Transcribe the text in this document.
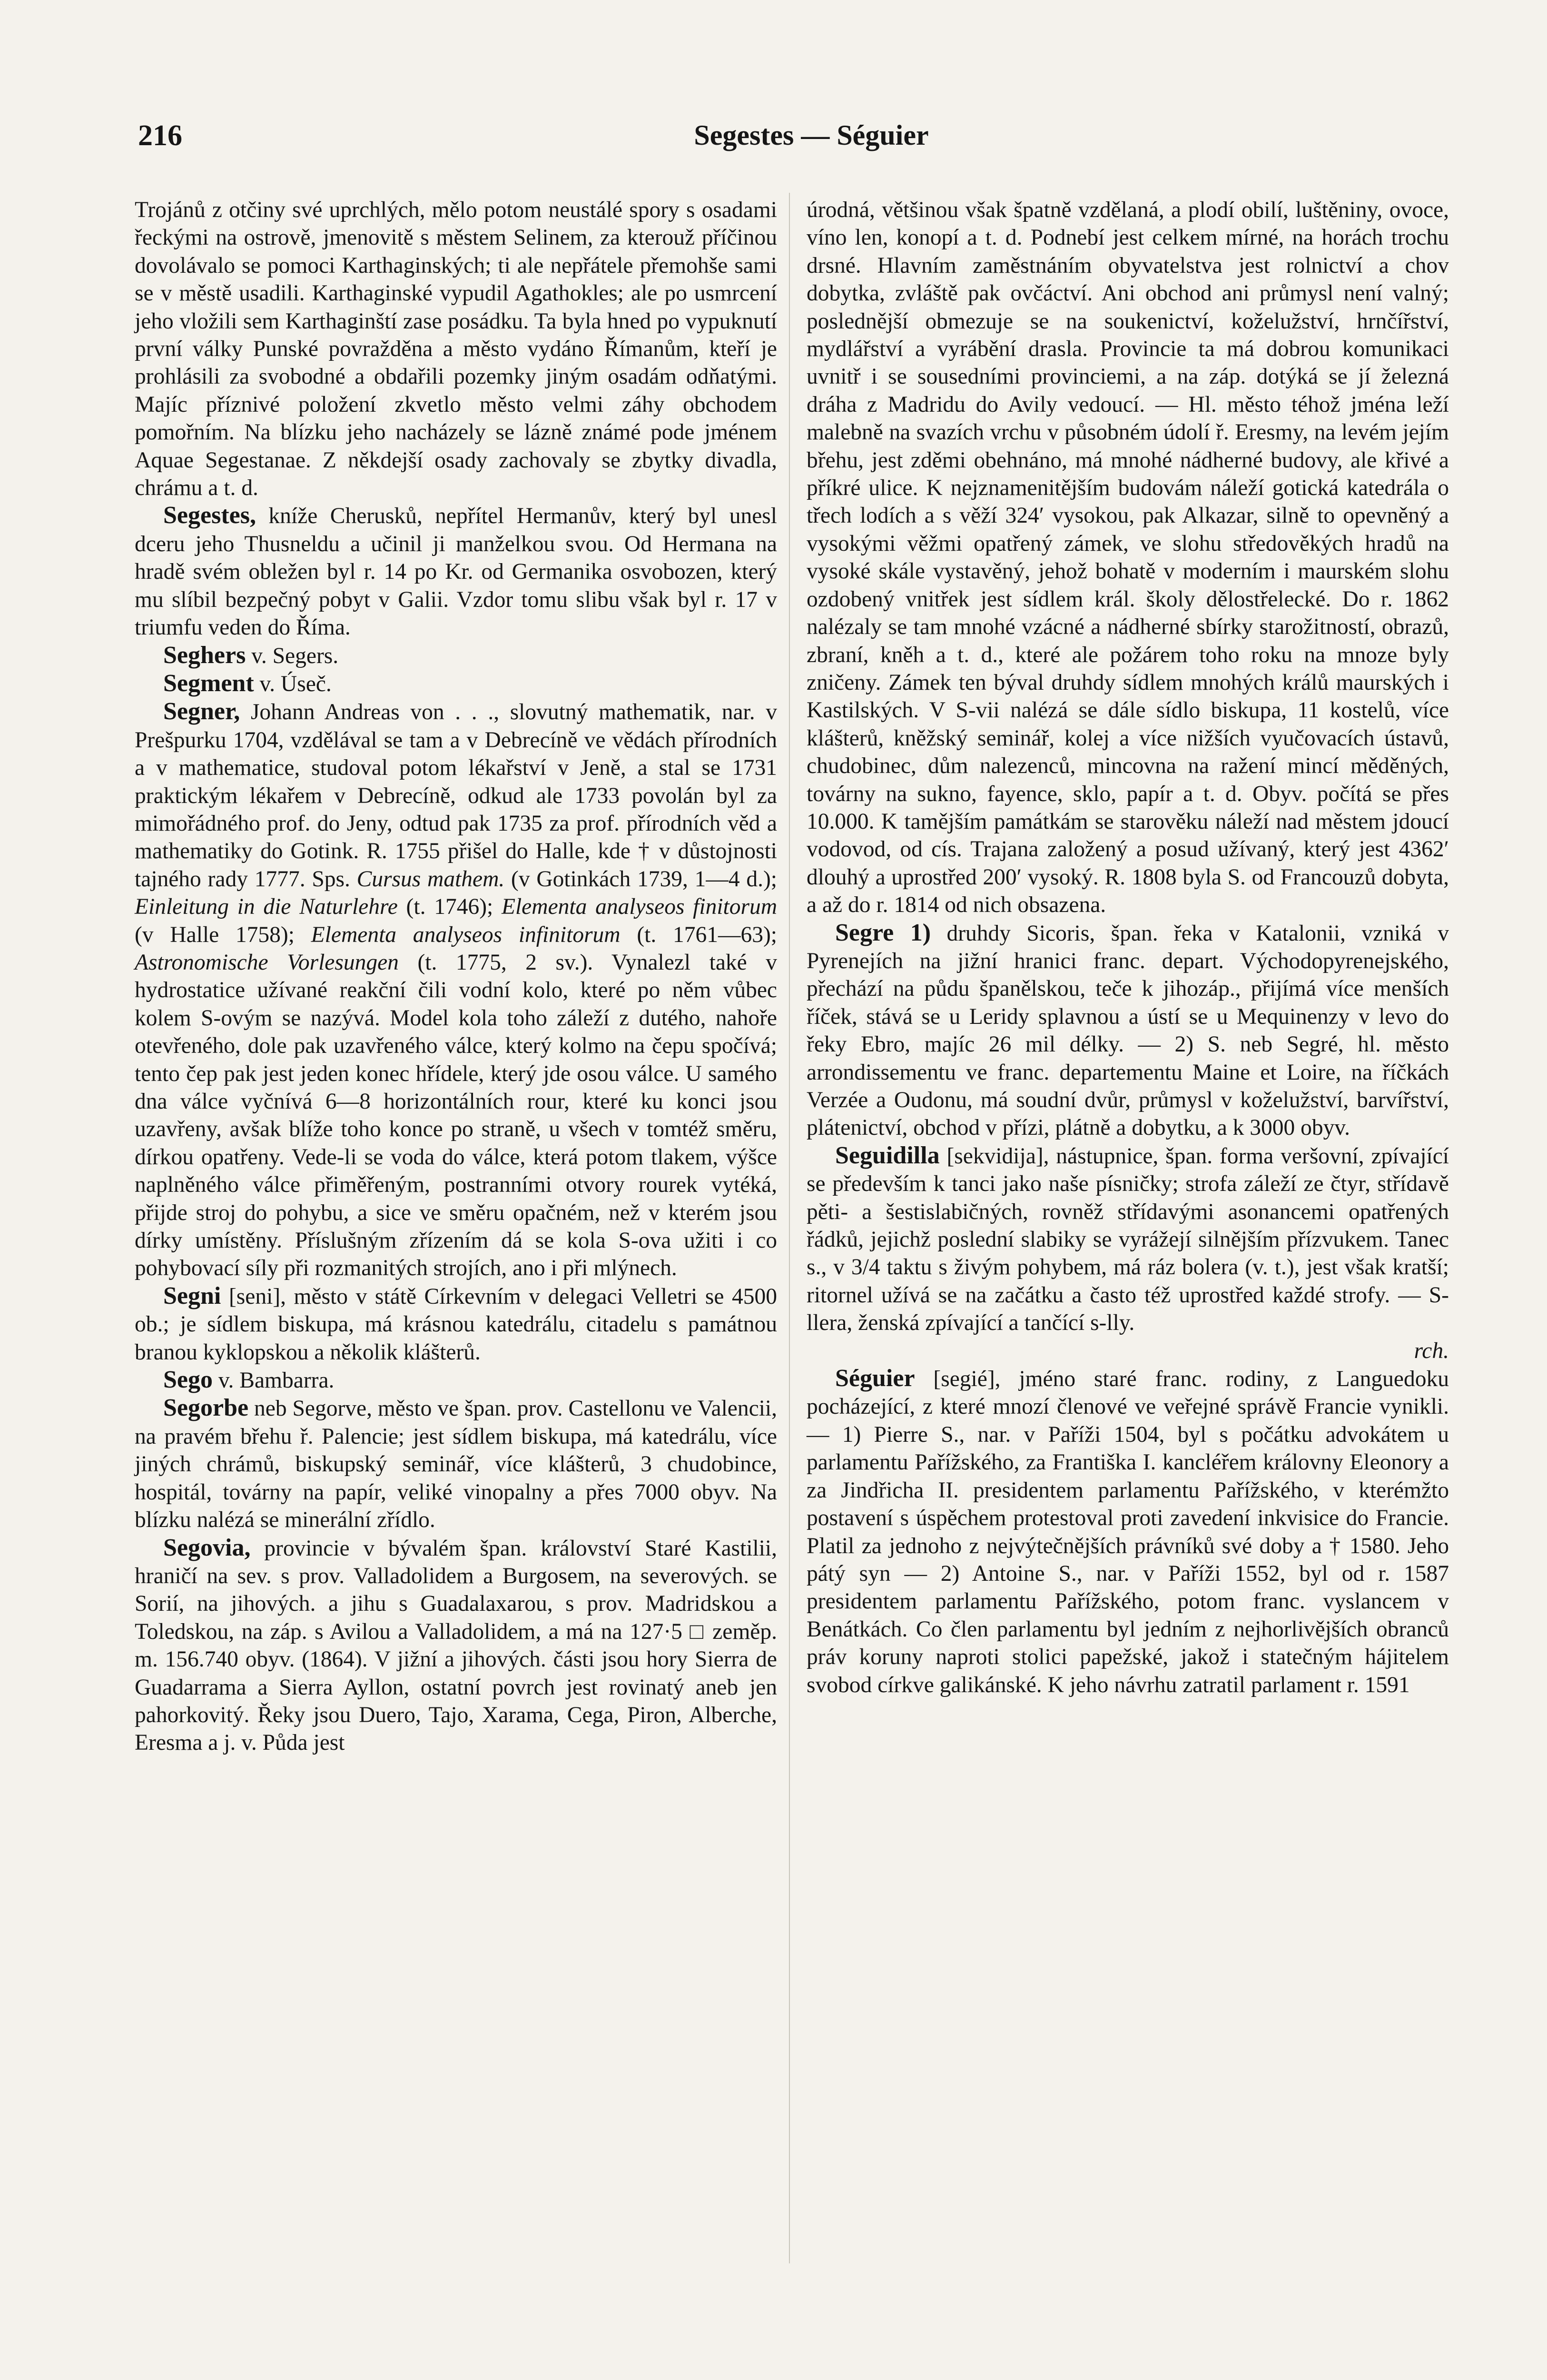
216	Segestes — Séguier

Trojánů z otčiny své uprchlých, mělo potom neustálé spory s osadami řeckými na ostrově, jmenovitě s městem Selinem, za kterouž příčinou dovolávalo se pomoci Karthaginských; ti ale nepřátele přemohše sami se v městě usadili. Karthaginské vypudil Agathokles; ale po usmrcení jeho vložili sem Karthaginští zase posádku. Ta byla hned po vypuknutí první války Punské povražděna a město vydáno Římanům, kteří je prohlásili za svobodné a obdařili pozemky jiným osadám odňatými. Majíc příznivé položení zkvetlo město velmi záhy obchodem pomořním. Na blízku jeho nacházely se lázně známé pode jménem Aquae Segestanae. Z někdejší osady zachovaly se zbytky divadla, chrámu a t. d.

Segestes, kníže Cherusků, nepřítel Hermanův, který byl unesl dceru jeho Thusneldu a učinil ji manželkou svou. Od Hermana na hradě svém obležen byl r. 14 po Kr. od Germanika osvobozen, který mu slíbil bezpečný pobyt v Galii. Vzdor tomu slibu však byl r. 17 v triumfu veden do Říma.

Seghers v. Segers.

Segment v. Úseč.

Segner, Johann Andreas von . . ., slovutný mathematik, nar. v Prešpurku 1704, vzdělával se tam a v Debrecíně ve vědách přírodních a v mathematice, studoval potom lékařství v Jeně, a stal se 1731 praktickým lékařem v Debrecíně, odkud ale 1733 povolán byl za mimořádného prof. do Jeny, odtud pak 1735 za prof. přírodních věd a mathematiky do Gotink. R. 1755 přišel do Halle, kde † v důstojnosti tajného rady 1777. Sps. Cursus mathem. (v Gotinkách 1739, 1—4 d.); Einleitung in die Naturlehre (t. 1746); Elementa analyseos finitorum (v Halle 1758); Elementa analyseos infinitorum (t. 1761—63); Astronomische Vorlesungen (t. 1775, 2 sv.). Vynalezl také v hydrostatice užívané reakční čili vodní kolo, které po něm vůbec kolem S-ovým se nazývá. Model kola toho záleží z dutého, nahoře otevřeného, dole pak uzavřeného válce, který kolmo na čepu spočívá; tento čep pak jest jeden konec hřídele, který jde osou válce. U samého dna válce vyčnívá 6—8 horizontálních rour, které ku konci jsou uzavřeny, avšak blíže toho konce po straně, u všech v tomtéž směru, dírkou opatřeny. Vede-li se voda do válce, která potom tlakem, výšce naplněného válce přiměřeným, postranními otvory rourek vytéká, přijde stroj do pohybu, a sice ve směru opačném, než v kterém jsou dírky umístěny. Příslušným zřízením dá se kola S-ova užiti i co pohybovací síly při rozmanitých strojích, ano i při mlýnech.

Segni [seni], město v státě Církevním v delegaci Velletri se 4500 ob.; je sídlem biskupa, má krásnou katedrálu, citadelu s památnou branou kyklopskou a několik klášterů.

Sego v. Bambarra.

Segorbe neb Segorve, město ve špan. prov. Castellonu ve Valencii, na pravém břehu ř. Palencie; jest sídlem biskupa, má katedrálu, více jiných chrámů, biskupský seminář, více klášterů, 3 chudobince, hospitál, továrny na papír, veliké vinopalny a přes 7000 obyv. Na blízku nalézá se minerální zřídlo.

Segovia, provincie v bývalém špan. království Staré Kastilii, hraničí na sev. s prov. Valladolidem a Burgosem, na severových. se Sorií, na jihových. a jihu s Guadalaxarou, s prov. Madridskou a Toledskou, na záp. s Avilou a Valladolidem, a má na 127·5 □ zeměp. m. 156.740 obyv. (1864). V jižní a jihových. části jsou hory Sierra de Guadarrama a Sierra Ayllon, ostatní povrch jest rovinatý aneb jen pahorkovitý. Řeky jsou Duero, Tajo, Xarama, Cega, Piron, Alberche, Eresma a j. v. Půda jest

úrodná, většinou však špatně vzdělaná, a plodí obilí, luštěniny, ovoce, víno len, konopí a t. d. Podnebí jest celkem mírné, na horách trochu drsné. Hlavním zaměstnáním obyvatelstva jest rolnictví a chov dobytka, zvláště pak ovčáctví. Ani obchod ani průmysl není valný; poslednější obmezuje se na soukenictví, koželužství, hrnčířství, mydlářství a vyrábění drasla. Provincie ta má dobrou komunikaci uvnitř i se sousedními provinciemi, a na záp. dotýká se jí železná dráha z Madridu do Avily vedoucí. — Hl. město téhož jména leží malebně na svazích vrchu v působném údolí ř. Eresmy, na levém jejím břehu, jest zděmi obehnáno, má mnohé nádherné budovy, ale křivé a příkré ulice. K nejznamenitějším budovám náleží gotická katedrála o třech lodích a s věží 324′ vysokou, pak Alkazar, silně to opevněný a vysokými věžmi opatřený zámek, ve slohu středověkých hradů na vysoké skále vystavěný, jehož bohatě v moderním i maurském slohu ozdobený vnitřek jest sídlem král. školy dělostřelecké. Do r. 1862 nalézaly se tam mnohé vzácné a nádherné sbírky starožitností, obrazů, zbraní, kněh a t. d., které ale požárem toho roku na mnoze byly zničeny. Zámek ten býval druhdy sídlem mnohých králů maurských i Kastilských. V S-vii nalézá se dále sídlo biskupa, 11 kostelů, více klášterů, kněžský seminář, kolej a více nižších vyučovacích ústavů, chudobinec, dům nalezenců, mincovna na ražení mincí měděných, továrny na sukno, fayence, sklo, papír a t. d. Obyv. počítá se přes 10.000. K tamějším památkám se starověku náleží nad městem jdoucí vodovod, od cís. Trajana založený a posud užívaný, který jest 4362′ dlouhý a uprostřed 200′ vysoký. R. 1808 byla S. od Francouzů dobyta, a až do r. 1814 od nich obsazena.

Segre 1) druhdy Sicoris, špan. řeka v Katalonii, vzniká v Pyrenejích na jižní hranici franc. depart. Východopyrenejského, přechází na půdu španělskou, teče k jihozáp., přijímá více menších říček, stává se u Leridy splavnou a ústí se u Mequinenzy v levo do řeky Ebro, majíc 26 mil délky. — 2) S. neb Segré, hl. město arrondissementu ve franc. departementu Maine et Loire, na říčkách Verzée a Oudonu, má soudní dvůr, průmysl v koželužství, barvířství, plátenictví, obchod v přízi, plátně a dobytku, a k 3000 obyv.

Seguidilla [sekvidija], nástupnice, špan. forma veršovní, zpívající se především k tanci jako naše písničky; strofa záleží ze čtyr, střídavě pěti- a šestislabičných, rovněž střídavými asonancemi opatřených řádků, jejichž poslední slabiky se vyrážejí silnějším přízvukem. Tanec s., v 3/4 taktu s živým pohybem, má ráz bolera (v. t.), jest však kratší; ritornel užívá se na začátku a často též uprostřed každé strofy. — S-llera, ženská zpívající a tančící s-lly.

rch.

Séguier [segié], jméno staré franc. rodiny, z Languedoku pocházející, z které mnozí členové ve veřejné správě Francie vynikli. — 1) Pierre S., nar. v Paříži 1504, byl s počátku advokátem u parlamentu Pařížského, za Františka I. kancléřem královny Eleonory a za Jindřicha II. presidentem parlamentu Pařížského, v kterémžto postavení s úspěchem protestoval proti zavedení inkvisice do Francie. Platil za jednoho z nejvýtečnějších právníků své doby a † 1580. Jeho pátý syn — 2) Antoine S., nar. v Paříži 1552, byl od r. 1587 presidentem parlamentu Pařížského, potom franc. vyslancem v Benátkách. Co člen parlamentu byl jedním z nejhorlivějších obranců práv koruny naproti stolici papežské, jakož i statečným hájitelem svobod církve galikánské. K jeho návrhu zatratil parlament r. 1591
